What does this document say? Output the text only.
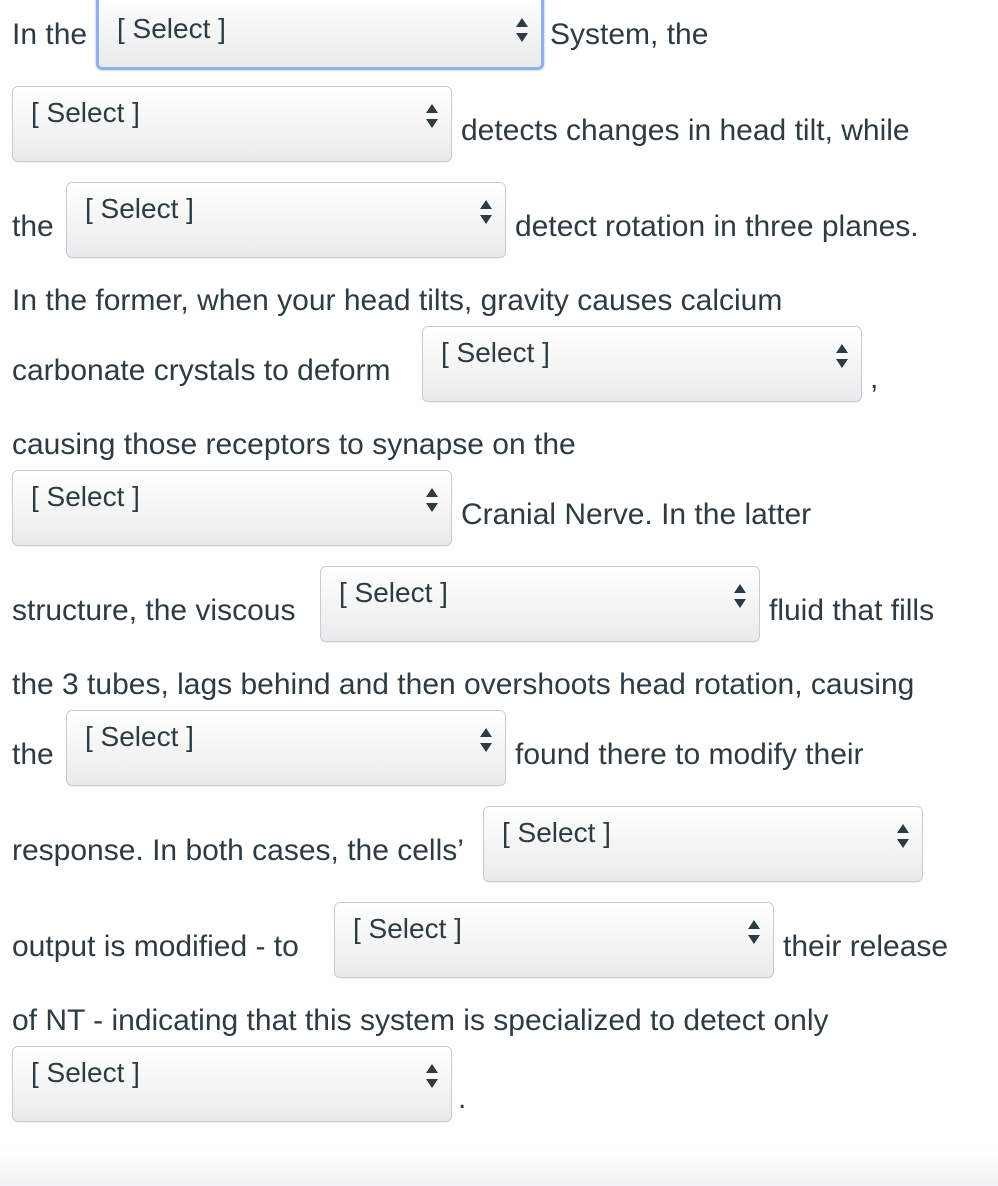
In the [ Select ]	System, the
[ Select ]
detects changes in head tilt, while
the
[ Select ]
detect rotation in three planes.
In the former, when your head tilts, gravity causes calcium
carbonate crystals to deform
[ Select ]
,
causing those receptors to synapse on the
[ Select ]
Cranial Nerve. In the latter
structure, the viscous
[ Select ]
fluid that fills
the 3 tubes, lags behind and then overshoots head rotation, causing
the
[ Select ]
found there to modify their
response. In both cases, the cells’
[ Select ]
output is modified - to
[ Select ]
their release
of NT - indicating that this system is specialized to detect only
[ Select ]
.
